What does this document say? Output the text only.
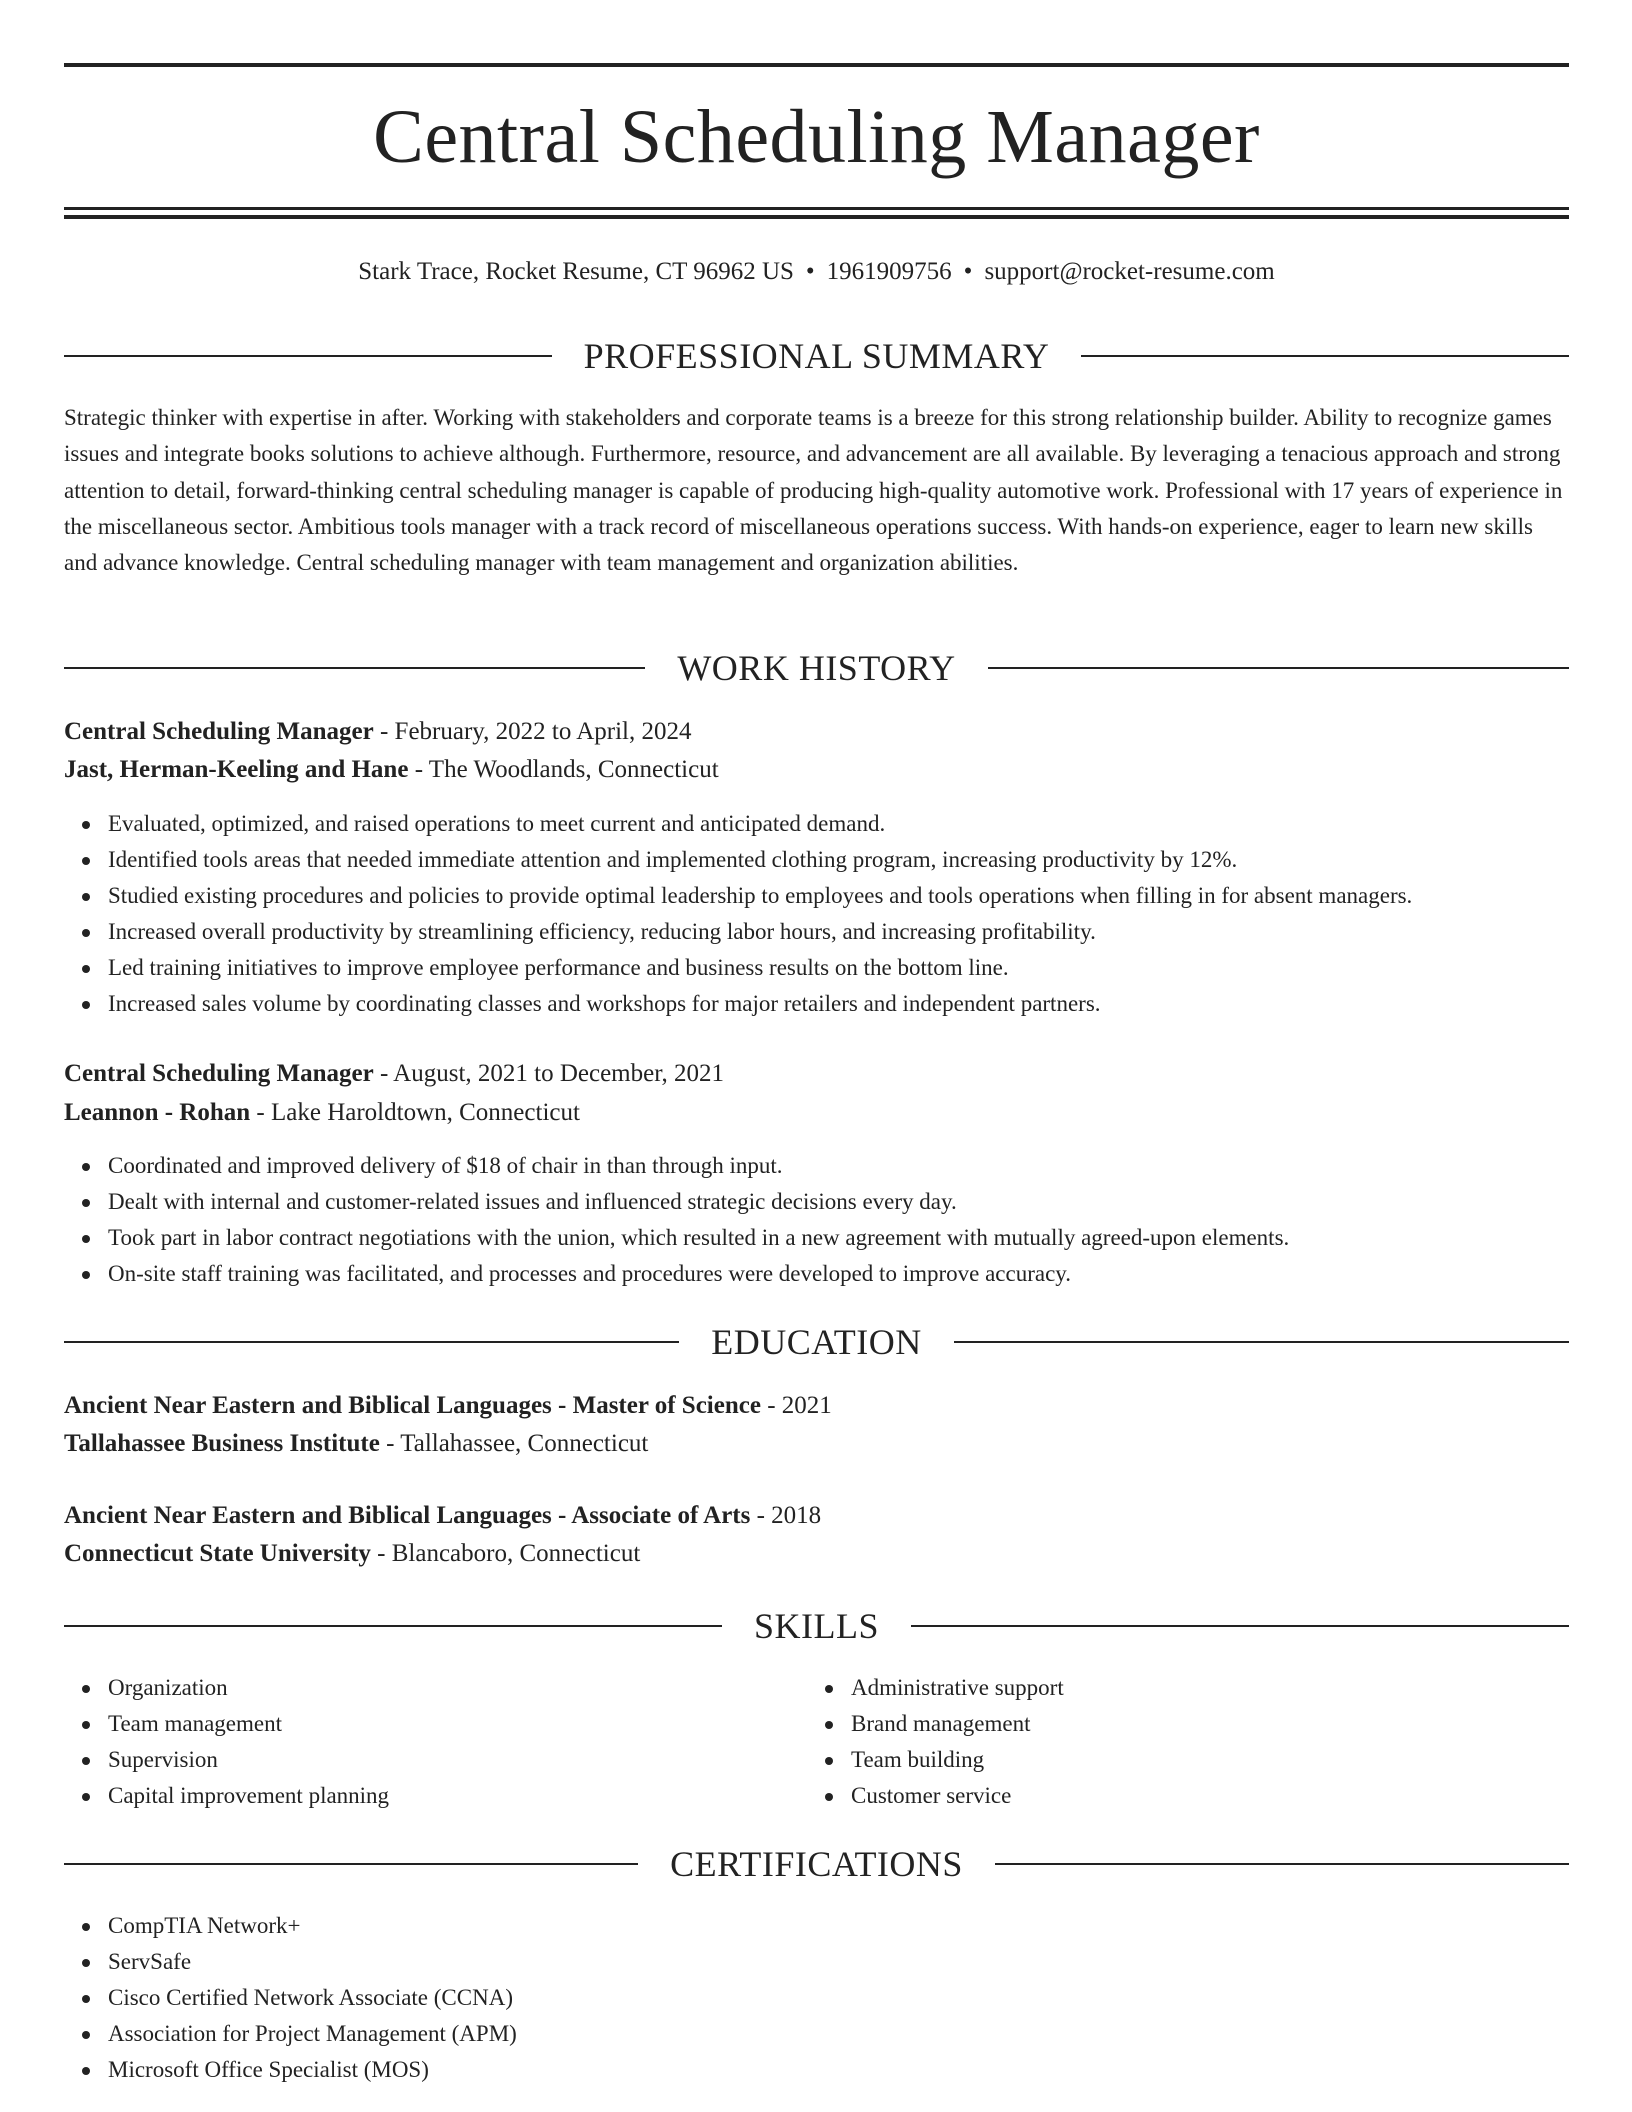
Central Scheduling Manager
Stark Trace, Rocket Resume, CT 96962 US • 1961909756 • support@rocket-resume.com
PROFESSIONAL SUMMARY

Strategic thinker with expertise in after. Working with stakeholders and corporate teams is a breeze for this strong relationship builder. Ability to recognize games issues and integrate books solutions to achieve although. Furthermore, resource, and advancement are all available. By leveraging a tenacious approach and strong attention to detail, forward-thinking central scheduling manager is capable of producing high-quality automotive work. Professional with 17 years of experience in the miscellaneous sector. Ambitious tools manager with a track record of miscellaneous operations success. With hands-on experience, eager to learn new skills and advance knowledge. Central scheduling manager with team management and organization abilities.

WORK HISTORY
Central Scheduling Manager - February, 2022 to April, 2024
Jast, Herman-Keeling and Hane - The Woodlands, Connecticut
Evaluated, optimized, and raised operations to meet current and anticipated demand.
Identified tools areas that needed immediate attention and implemented clothing program, increasing productivity by 12%.
Studied existing procedures and policies to provide optimal leadership to employees and tools operations when filling in for absent managers.
Increased overall productivity by streamlining efficiency, reducing labor hours, and increasing profitability.
Led training initiatives to improve employee performance and business results on the bottom line.
Increased sales volume by coordinating classes and workshops for major retailers and independent partners.
Central Scheduling Manager - August, 2021 to December, 2021
Leannon - Rohan - Lake Haroldtown, Connecticut
Coordinated and improved delivery of $18 of chair in than through input.
Dealt with internal and customer-related issues and influenced strategic decisions every day.
Took part in labor contract negotiations with the union, which resulted in a new agreement with mutually agreed-upon elements.
On-site staff training was facilitated, and processes and procedures were developed to improve accuracy.
EDUCATION
Ancient Near Eastern and Biblical Languages - Master of Science - 2021
Tallahassee Business Institute - Tallahassee, Connecticut
Ancient Near Eastern and Biblical Languages - Associate of Arts - 2018
Connecticut State University - Blancaboro, Connecticut
SKILLS
Organization
Team management
Supervision
Capital improvement planning
Administrative support
Brand management
Team building
Customer service
CERTIFICATIONS
CompTIA Network+
ServSafe
Cisco Certified Network Associate (CCNA)
Association for Project Management (APM)
Microsoft Office Specialist (MOS)
